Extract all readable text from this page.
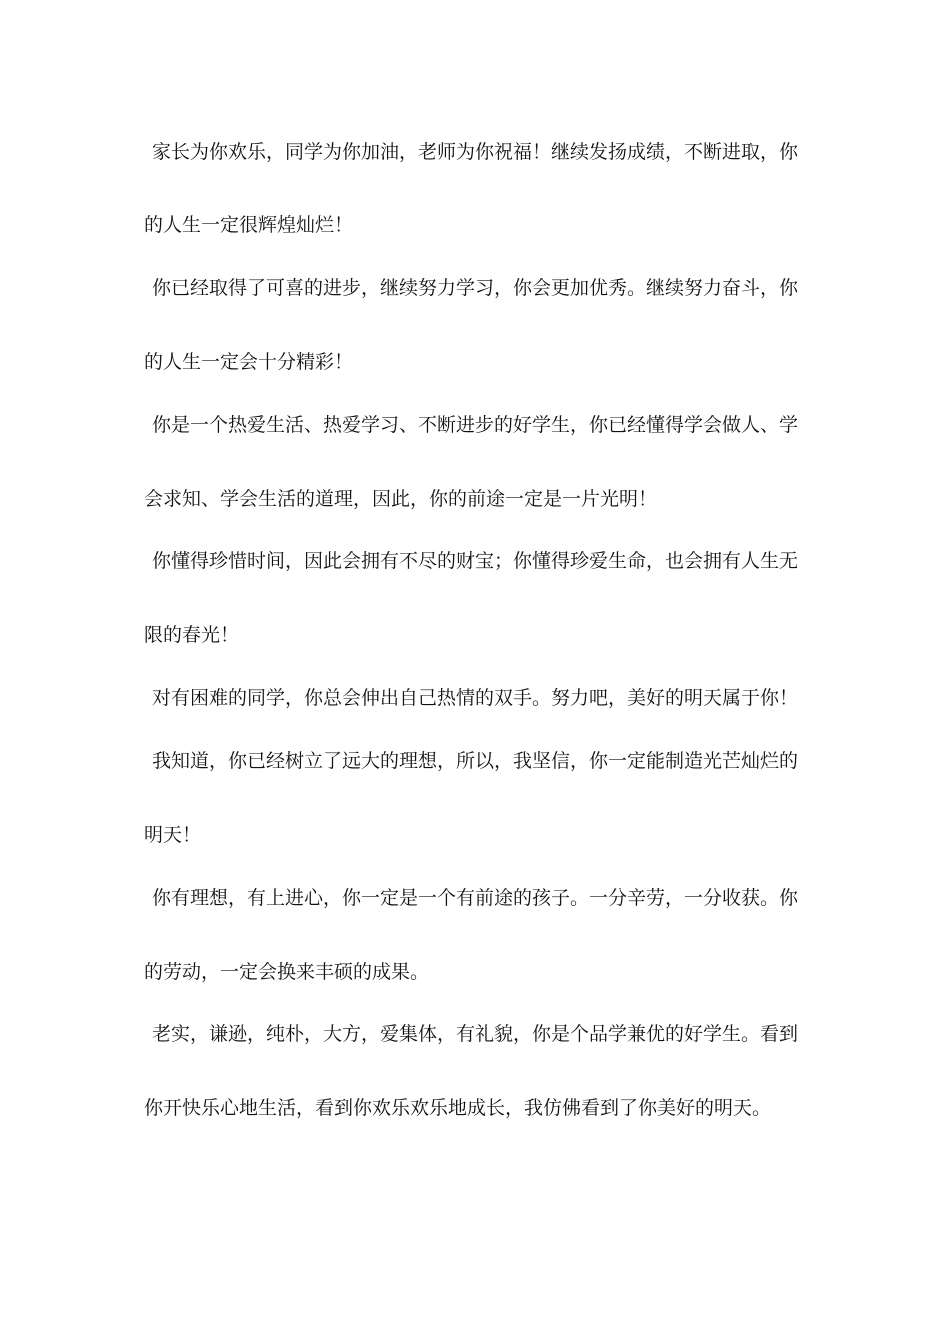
家长为你欢乐，同学为你加油，老师为你祝福！继续发扬成绩，不断进取，你
的人生一定很辉煌灿烂！
你已经取得了可喜的进步，继续努力学习，你会更加优秀。继续努力奋斗，你
的人生一定会十分精彩！
你是一个热爱生活、热爱学习、不断进步的好学生，你已经懂得学会做人、学
会求知、学会生活的道理，因此，你的前途一定是一片光明！
你懂得珍惜时间，因此会拥有不尽的财宝；你懂得珍爱生命，也会拥有人生无
限的春光！
对有困难的同学，你总会伸出自己热情的双手。努力吧，美好的明天属于你！
我知道，你已经树立了远大的理想，所以，我坚信，你一定能制造光芒灿烂的
明天！
你有理想，有上进心，你一定是一个有前途的孩子。一分辛劳，一分收获。你
的劳动，一定会换来丰硕的成果。
老实，谦逊，纯朴，大方，爱集体，有礼貌，你是个品学兼优的好学生。看到
你开快乐心地生活，看到你欢乐欢乐地成长，我仿佛看到了你美好的明天。
